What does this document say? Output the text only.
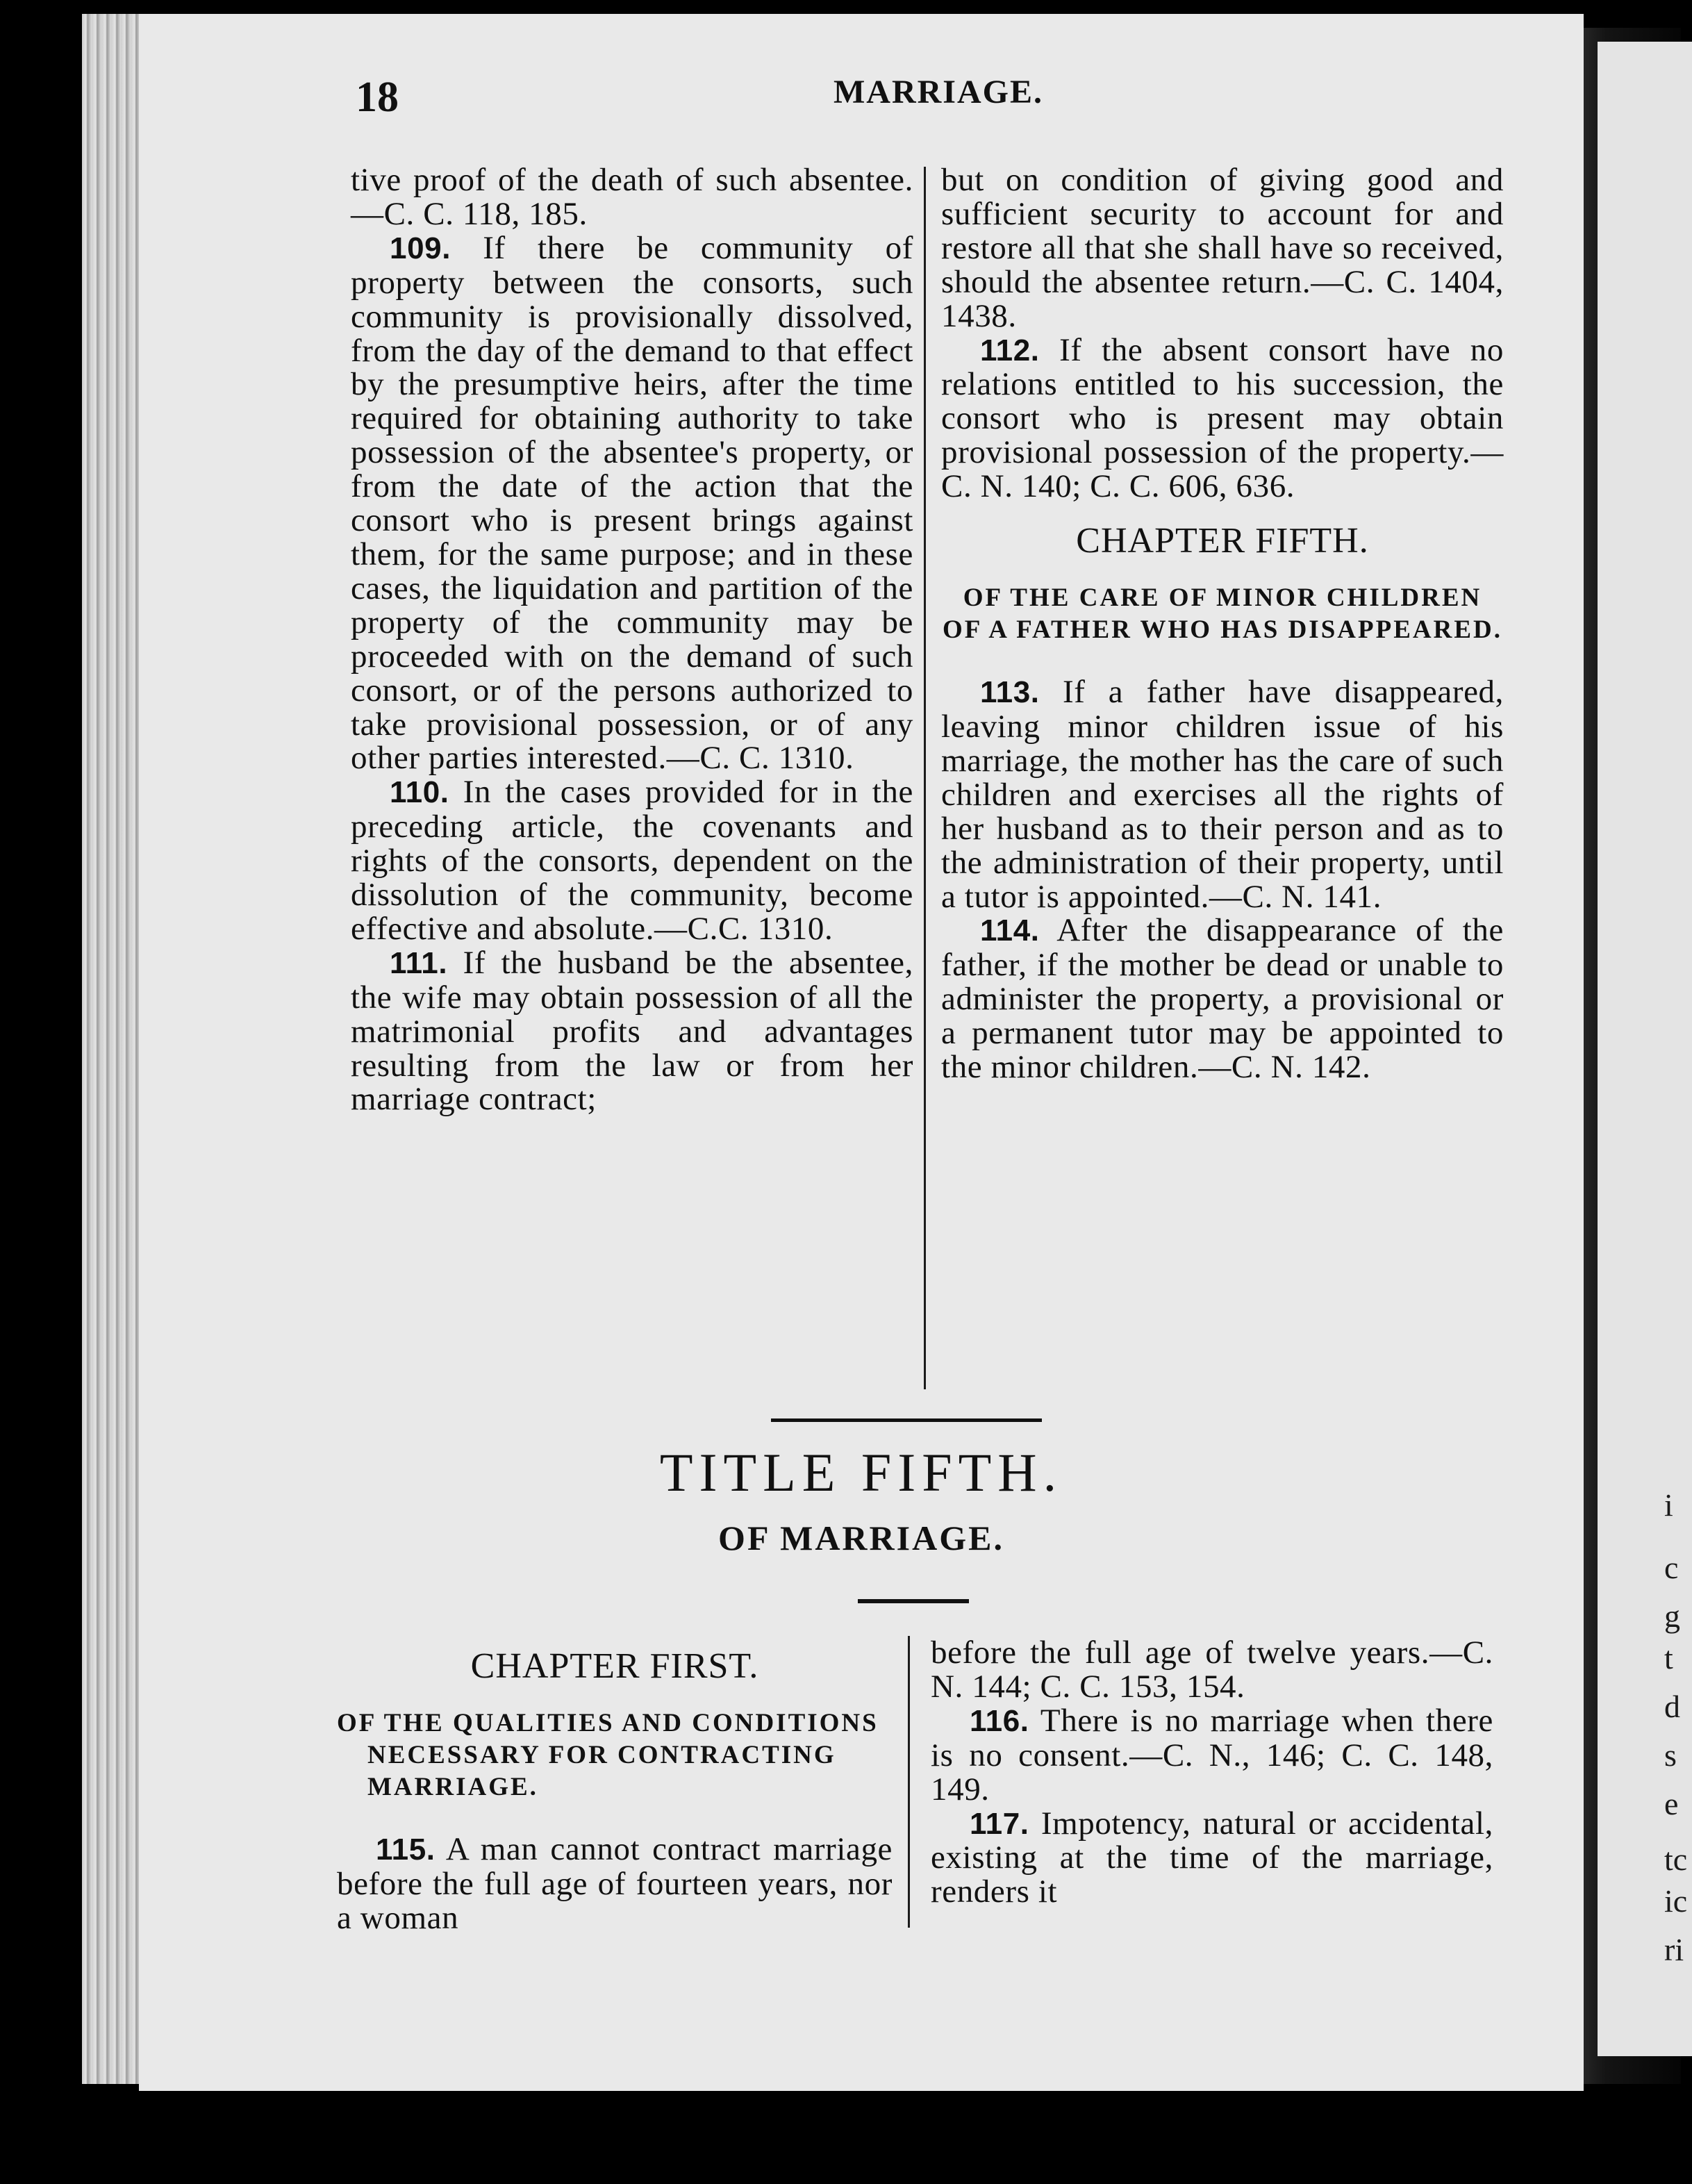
i
c
g
t
d
s
e
tc
ic
ri
18	MARRIAGE.

tive proof of the death of such absentee.—C. C. 118, 185.

109. If there be community of property between the consorts, such community is provisionally dissolved, from the day of the demand to that effect by the presumptive heirs, after the time required for obtaining authority to take possession of the absentee's property, or from the date of the action that the consort who is present brings against them, for the same purpose; and in these cases, the liquidation and partition of the property of the community may be proceeded with on the demand of such consort, or of the persons authorized to take provisional possession, or of any other parties interested.—C. C. 1310.

110. In the cases provided for in the preceding article, the covenants and rights of the consorts, dependent on the dissolution of the community, become effective and absolute.—C.C. 1310.

111. If the husband be the absentee, the wife may obtain possession of all the matrimonial profits and advantages resulting from the law or from her marriage contract;

but on condition of giving good and sufficient security to account for and restore all that she shall have so received, should the absentee return.—C. C. 1404, 1438.

112. If the absent consort have no relations entitled to his succession, the consort who is present may obtain provisional possession of the property.—C. N. 140; C. C. 606, 636.

CHAPTER FIFTH.
OF THE CARE OF MINOR CHILDREN OF A FATHER WHO HAS DISAPPEARED.

113. If a father have disappeared, leaving minor children issue of his marriage, the mother has the care of such children and exercises all the rights of her husband as to their person and as to the administration of their property, until a tutor is appointed.—C. N. 141.

114. After the disappearance of the father, if the mother be dead or unable to administer the property, a provisional or a permanent tutor may be appointed to the minor children.—C. N. 142.

TITLE FIFTH.
OF MARRIAGE.
CHAPTER FIRST.
OF THE QUALITIES AND CONDITIONS NECESSARY FOR CONTRACTING MARRIAGE.

115. A man cannot contract marriage before the full age of fourteen years, nor a woman

before the full age of twelve years.—C. N. 144; C. C. 153, 154.

116. There is no marriage when there is no consent.—C. N., 146; C. C. 148, 149.

117. Impotency, natural or accidental, existing at the time of the marriage, renders it
